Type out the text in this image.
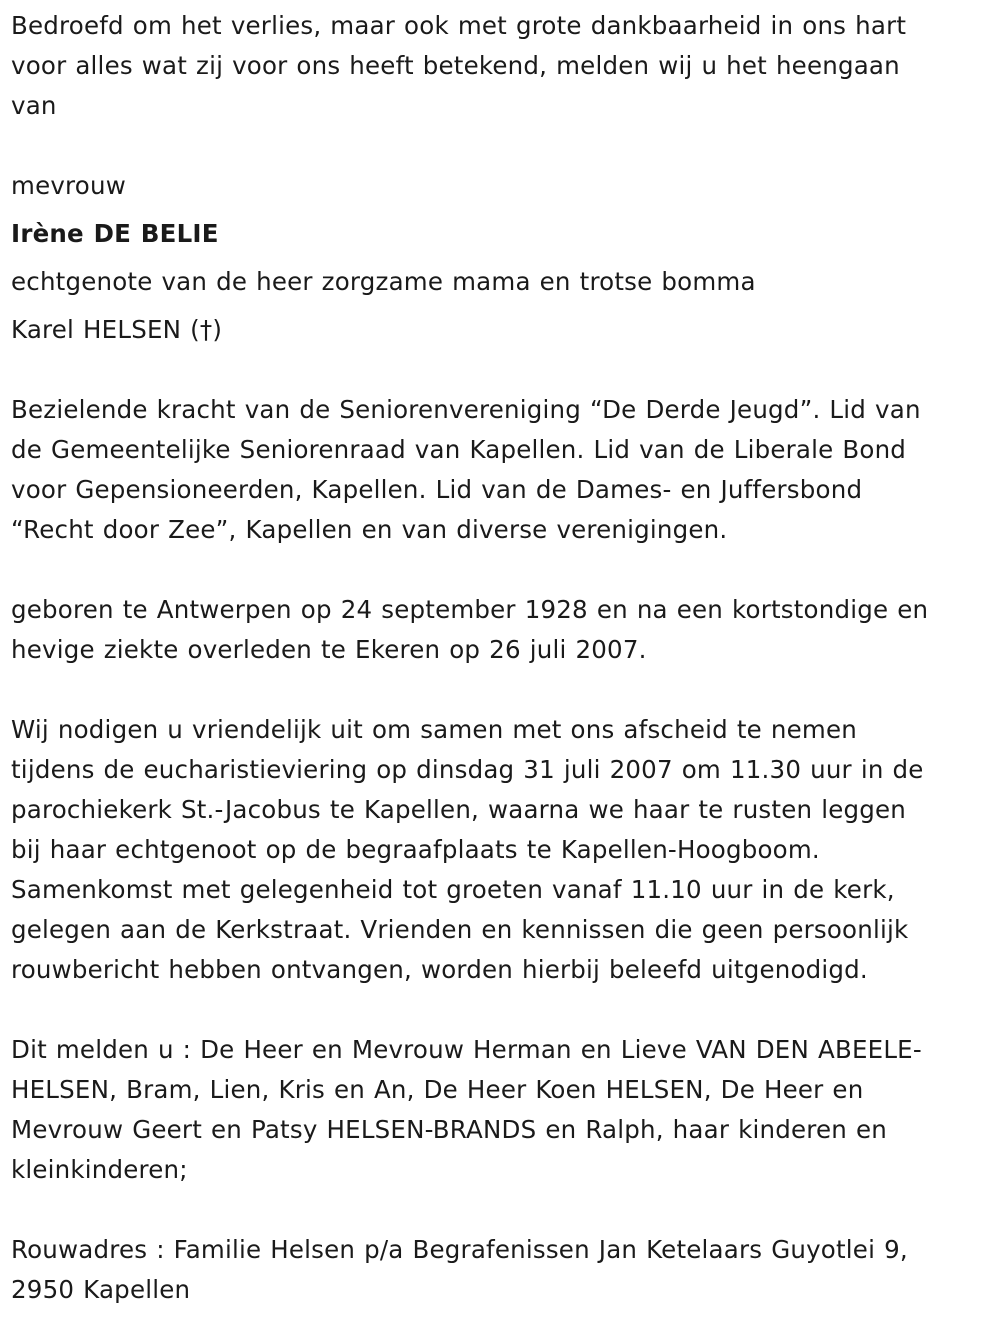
Bedroefd om het verlies, maar ook met grote dankbaarheid in ons hart
voor alles wat zij voor ons heeft betekend, melden wij u het heengaan
van
mevrouw
Irène DE BELIE
echtgenote van de heer zorgzame mama en trotse bomma
Karel HELSEN (†)
Bezielende kracht van de Seniorenvereniging “De Derde Jeugd”. Lid van
de Gemeentelijke Seniorenraad van Kapellen. Lid van de Liberale Bond
voor Gepensioneerden, Kapellen. Lid van de Dames- en Juffersbond
“Recht door Zee”, Kapellen en van diverse verenigingen.
geboren te Antwerpen op 24 september 1928 en na een kortstondige en
hevige ziekte overleden te Ekeren op 26 juli 2007.
Wij nodigen u vriendelijk uit om samen met ons afscheid te nemen
tijdens de eucharistieviering op dinsdag 31 juli 2007 om 11.30 uur in de
parochiekerk St.-Jacobus te Kapellen, waarna we haar te rusten leggen
bij haar echtgenoot op de begraafplaats te Kapellen-Hoogboom.
Samenkomst met gelegenheid tot groeten vanaf 11.10 uur in de kerk,
gelegen aan de Kerkstraat. Vrienden en kennissen die geen persoonlijk
rouwbericht hebben ontvangen, worden hierbij beleefd uitgenodigd.
Dit melden u : De Heer en Mevrouw Herman en Lieve VAN DEN ABEELE-
HELSEN, Bram, Lien, Kris en An, De Heer Koen HELSEN, De Heer en
Mevrouw Geert en Patsy HELSEN-BRANDS en Ralph, haar kinderen en
kleinkinderen;
Rouwadres : Familie Helsen p/a Begrafenissen Jan Ketelaars Guyotlei 9,
2950 Kapellen
